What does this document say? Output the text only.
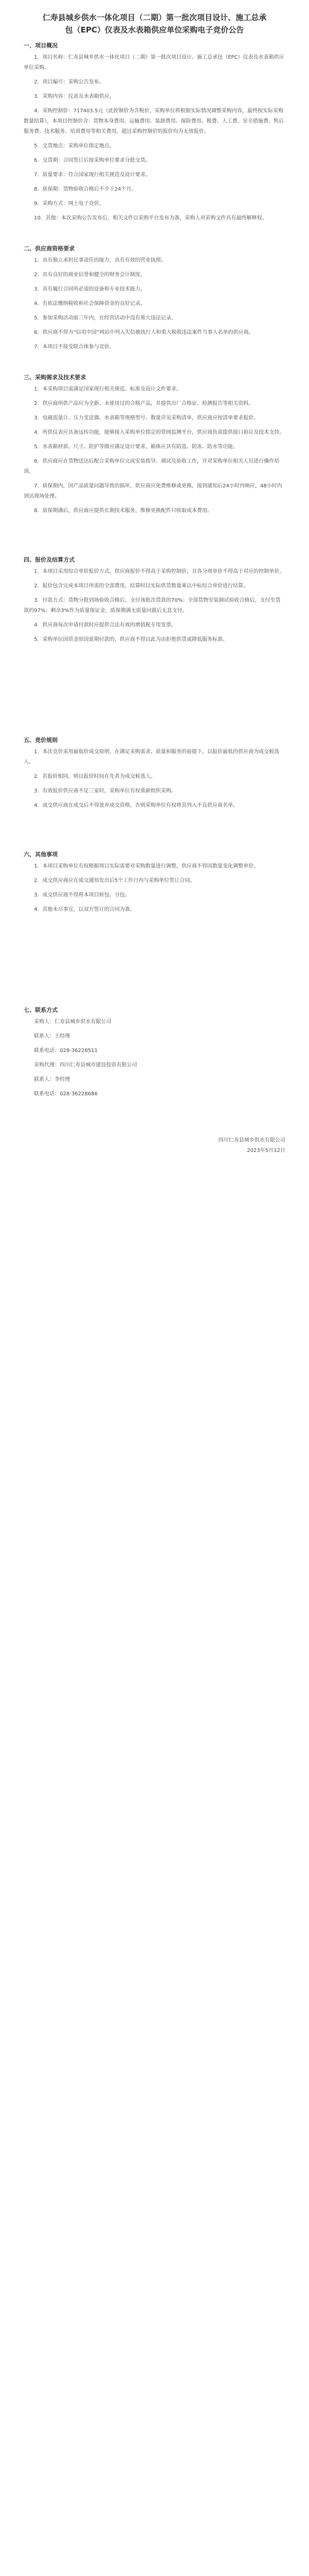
仁寿县城乡供水一体化项目（二期）第一批次项目设计、施工总承包（EPC）仪表及水表箱供应单位采购电子竞价公告
一、项目概况

1．项目名称：仁寿县城乡供水一体化项目（二期）第一批次项目设计、施工总承包（EPC）仪表及水表箱供应单位采购。

2．项目编号：采购公告发布。

3．采购内容：仪表及水表箱供应。

4．采购控制价：717403.5元（此控制价为含税价，采购单位将根据实际情况调整采购内容，最终按实际采购数量结算），本项目控制价含：货物本身费用、运输费用、装卸费用、保险费用、税费、人工费、安全措施费、售后服务费、技术服务、培训费用等相关费用，超过采购控制价的报价均为无效报价。

5．交货地点：采购单位指定地点。

6．交货期：合同签订后按采购单位要求分批交货。

7．质量要求：符合国家现行相关规范及设计要求。

8．质保期：货物验收合格后不少于24个月。

9．采购方式：网上电子竞价。

10．其他：本次采购公告发布后，相关文件以采购平台发布为准，采购人对采购文件具有最终解释权。

二、供应商资格要求

1．具有独立承担民事责任的能力，具有有效的营业执照。

2．具有良好的商业信誉和健全的财务会计制度。

3．具有履行合同所必需的设备和专业技术能力。

4．有依法缴纳税收和社会保障资金的良好记录。

5．参加采购活动前三年内，在经营活动中没有重大违法记录。

6．供应商不得为“信用中国”网站中列入失信被执行人和重大税收违法案件当事人名单的供应商。

7．本项目不接受联合体参与竞价。

三、采购需求及技术要求

1．本采购项目需满足国家现行相关规范、标准及设计文件要求。

2．供应商所供产品应为全新、未使用过的合格产品，并提供出厂合格证、检测报告等相关资料。

3．电磁流量计、压力变送器、水表箱等规格型号、数量详见采购清单，供应商应按清单要求报价。

4．所供仪表应具备远传功能，能够接入采购单位指定的管网监测平台，供应商负责提供接口协议及技术支持。

5．水表箱材质、尺寸、防护等级应满足设计要求，箱体应具有防盗、防冻、防水等功能。

6．供应商应在货物送达后配合采购单位完成安装指导、调试及验收工作，并对采购单位相关人员进行操作培训。

7．质保期内，因产品质量问题导致的损坏，供应商应免费维修或更换，接到通知后24小时内响应，48小时内到达现场处理。

8．质保期满后，供应商应提供长期技术服务，维修更换配件只收取成本费用。

四、报价及结算方式

1．本项目采用综合单价报价方式，供应商报价不得高于采购控制价，且各分项单价不得高于对应的控制单价。

2．报价包含完成本项目所需的全部费用，结算时以实际供货数量乘以中标综合单价进行结算。

3．付款方式：货物分批到场验收合格后，支付该批次货款的70%；全部货物安装调试验收合格后，支付至货款的97%；剩余3%作为质量保证金，质保期满无质量问题后无息支付。

4．供应商每次申请付款时应提供合法有效的增值税专用发票。

5．采购单位因资金原因延期付款的，供应商不得以此为由拒绝供货或降低服务标准。

五、竞价规则

1．本次竞价采用最低价成交原则，在满足采购需求、质量和服务的前提下，以报价最低的供应商为成交候选人。

2．若报价相同，则以报价时间在先者为成交候选人。

3．有效报价供应商不足三家时，采购单位有权重新组织采购。

4．成交供应商在成交后不得放弃成交资格，否则采购单位有权将其列入不良供应商名单。

六、其他事项

1．本项目采购单位有权根据项目实际需要对采购数量进行调整，供应商不得因数量变化调整单价。

2．成交供应商应在成交通知发出后5个工作日内与采购单位签订合同。

3．成交供应商不得将本项目转包、分包。

4．其他未尽事宜，以双方签订的合同为准。

七、联系方式

采购人：仁寿县城乡供水有限公司

联系人：王经理

联系电话：028-36228511

采购代理：四川仁寿县城市建设投资有限公司

联系人：李经理

联系电话：028-36228686

四川仁寿县城乡供水有限公司

2023年5月12日
